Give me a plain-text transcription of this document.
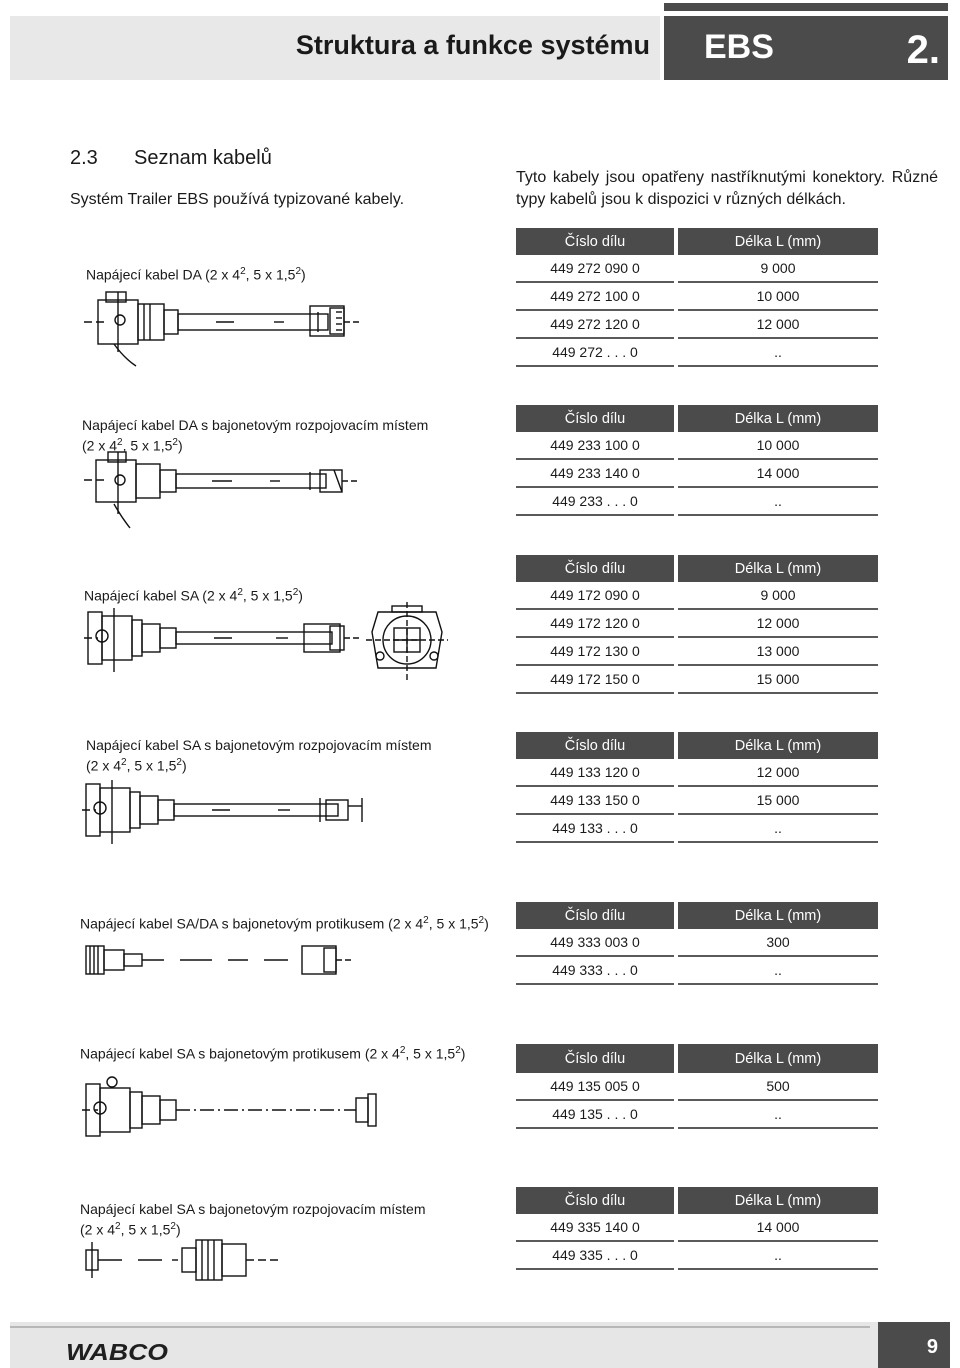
Struktura a funkce systému EBS	2.
2.3 Seznam kabelů
Systém Trailer EBS používá typizované kabely.
Tyto kabely jsou opatřeny nastříknutými konektory. Různé typy kabelů jsou k dispozici v různých délkách.
Napájecí kabel DA (2 x $4^2$, 5 x $1,5^2$)
Napájecí kabel DA s bajonetovým rozpojovacím místem
(2 x $4^2$, 5 x $1,5^2$)
Napájecí kabel SA (2 x $4^2$, 5 x $1,5^2$)
Napájecí kabel SA s bajonetovým rozpojovacím místem
(2 x $4^2$, 5 x $1,5^2$)
Napájecí kabel SA/DA s bajonetovým protikusem (2 x $4^2$, 5 x $1,5^2$)
Napájecí kabel SA s bajonetovým protikusem (2 x $4^2$, 5 x $1,5^2$)
Napájecí kabel SA s bajonetovým rozpojovacím místem
(2 x $4^2$, 5 x $1,5^2$)
Číslo dílu	Délka L (mm)
449 272 090 0	9 000
449 272 100 0	10 000
449 272 120 0	12 000
449 272 . . . 0	..
Číslo dílu	Délka L (mm)
449 233 100 0	10 000
449 233 140 0	14 000
449 233 . . . 0	..
Číslo dílu	Délka L (mm)
449 172 090 0	9 000
449 172 120 0	12 000
449 172 130 0	13 000
449 172 150 0	15 000
Číslo dílu	Délka L (mm)
449 133 120 0	12 000
449 133 150 0	15 000
449 133 . . . 0	..
Číslo dílu	Délka L (mm)
449 333 003 0	300
449 333 . . . 0	..
Číslo dílu	Délka L (mm)
449 135 005 0	500
449 135 . . . 0	..
Číslo dílu	Délka L (mm)
449 335 140 0	14 000
449 335 . . . 0	..
WABCO	9
